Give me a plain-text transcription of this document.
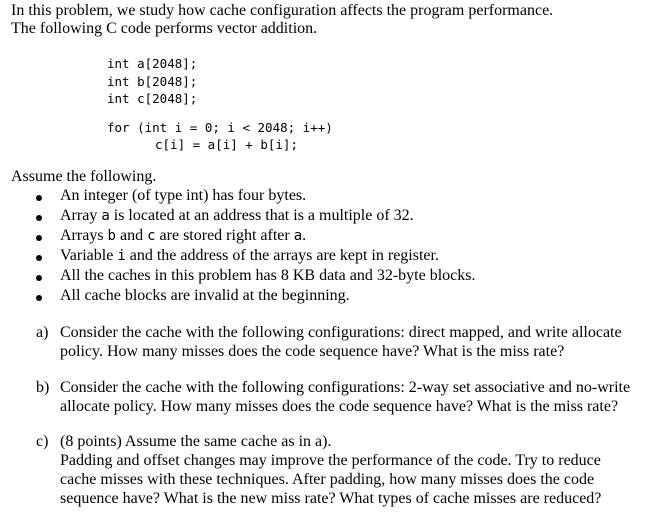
In this problem, we study how cache configuration affects the program performance.
The following C code performs vector addition.
int a[2048];
int b[2048];
int c[2048];
for (int i = 0; i < 2048; i++)
c[i] = a[i] + b[i];
Assume the following.
An integer (of type int) has four bytes.
Array a is located at an address that is a multiple of 32.
Arrays b and c are stored right after a.
Variable i and the address of the arrays are kept in register.
All the caches in this problem has 8 KB data and 32-byte blocks.
All cache blocks are invalid at the beginning.
a) Consider the cache with the following configurations: direct mapped, and write allocate
policy. How many misses does the code sequence have? What is the miss rate?
b) Consider the cache with the following configurations: 2-way set associative and no-write
allocate policy. How many misses does the code sequence have? What is the miss rate?
c) (8 points) Assume the same cache as in a).
Padding and offset changes may improve the performance of the code. Try to reduce
cache misses with these techniques. After padding, how many misses does the code
sequence have? What is the new miss rate? What types of cache misses are reduced?
